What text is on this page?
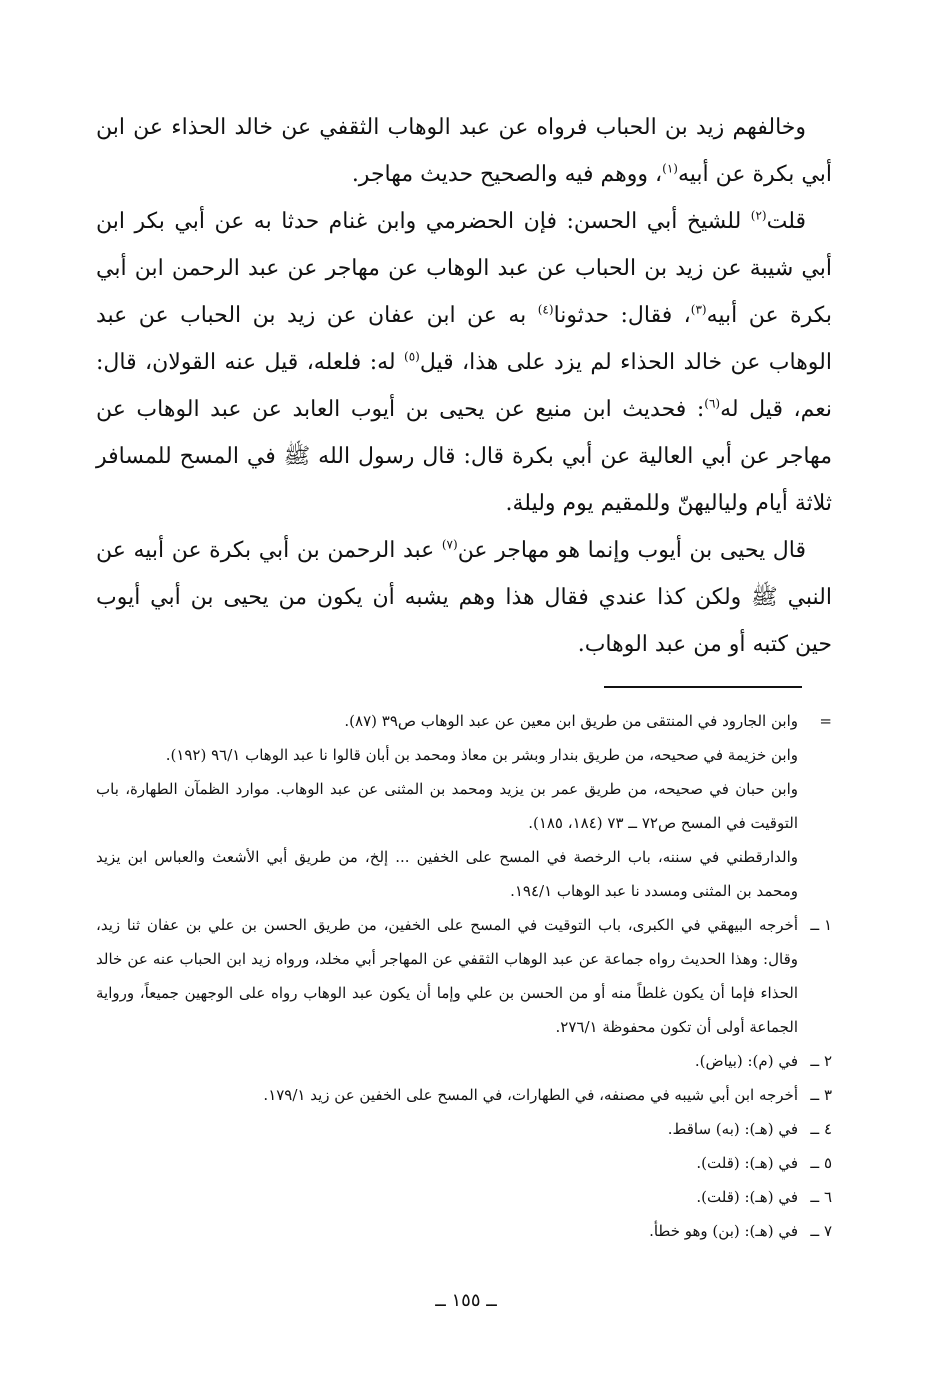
وخالفهم زيد بن الحباب فرواه عن عبد الوهاب الثقفي عن خالد الحذاء عن ابن أبي بكرة عن أبيه$^{(١)}$، ووهم فيه والصحيح حديث مهاجر.

قلت$^{(٢)}$ للشيخ أبي الحسن: فإن الحضرمي وابن غنام حدثا به عن أبي بكر ابن أبي شيبة عن زيد بن الحباب عن عبد الوهاب عن مهاجر عن عبد الرحمن ابن أبي بكرة عن أبيه$^{(٣)}$، فقال: حدثونا$^{(٤)}$ به عن ابن عفان عن زيد بن الحباب عن عبد الوهاب عن خالد الحذاء لم يزد على هذا، قيل$^{(٥)}$ له: فلعله، قيل عنه القولان، قال: نعم، قيل له$^{(٦)}$: فحديث ابن منيع عن يحيى بن أيوب العابد عن عبد الوهاب عن مهاجر عن أبي العالية عن أبي بكرة قال: قال رسول الله ﷺ في المسح للمسافر ثلاثة أيام ولياليهنّ وللمقيم يوم وليلة.

قال يحيى بن أيوب وإنما هو مهاجر عن$^{(٧)}$ عبد الرحمن بن أبي بكرة عن أبيه عن النبي ﷺ ولكن كذا عندي فقال هذا وهم يشبه أن يكون من يحيى بن أبي أيوب حين كتبه أو من عبد الوهاب.

=
وابن الجارود في المنتقى من طريق ابن معين عن عبد الوهاب ص٣٩ (٨٧).
وابن خزيمة في صحيحه، من طريق بندار وبشر بن معاذ ومحمد بن أبان قالوا نا عبد الوهاب ٩٦/١ (١٩٢).
وابن حبان في صحيحه، من طريق عمر بن يزيد ومحمد بن المثنى عن عبد الوهاب. موارد الظمآن الطهارة، باب التوقيت في المسح ص٧٢ ــ ٧٣ (١٨٤، ١٨٥).
والدارقطني في سننه، باب الرخصة في المسح على الخفين ... إلخ، من طريق أبي الأشعث والعباس ابن يزيد ومحمد بن المثنى ومسدد نا عبد الوهاب ١٩٤/١.
١ ــ
أخرجه البيهقي في الكبرى، باب التوقيت في المسح على الخفين، من طريق الحسن بن علي بن عفان ثنا زيد، وقال: وهذا الحديث رواه جماعة عن عبد الوهاب الثقفي عن المهاجر أبي مخلد، ورواه زيد ابن الحباب عنه عن خالد الحذاء فإما أن يكون غلطاً منه أو من الحسن بن علي وإما أن يكون عبد الوهاب رواه على الوجهين جميعاً، ورواية الجماعة أولى أن تكون محفوظة ٢٧٦/١.
٢ ــ
في (م): (بياض).
٣ ــ
أخرجه ابن أبي شيبه في مصنفه، في الطهارات، في المسح على الخفين عن زيد ١٧٩/١.
٤ ــ
في (هـ): (به) ساقط.
٥ ــ
في (هـ): (قلت).
٦ ــ
في (هـ): (قلت).
٧ ــ
في (هـ): (بن) وهو خطأ.
ــ ١٥٥ ــ
